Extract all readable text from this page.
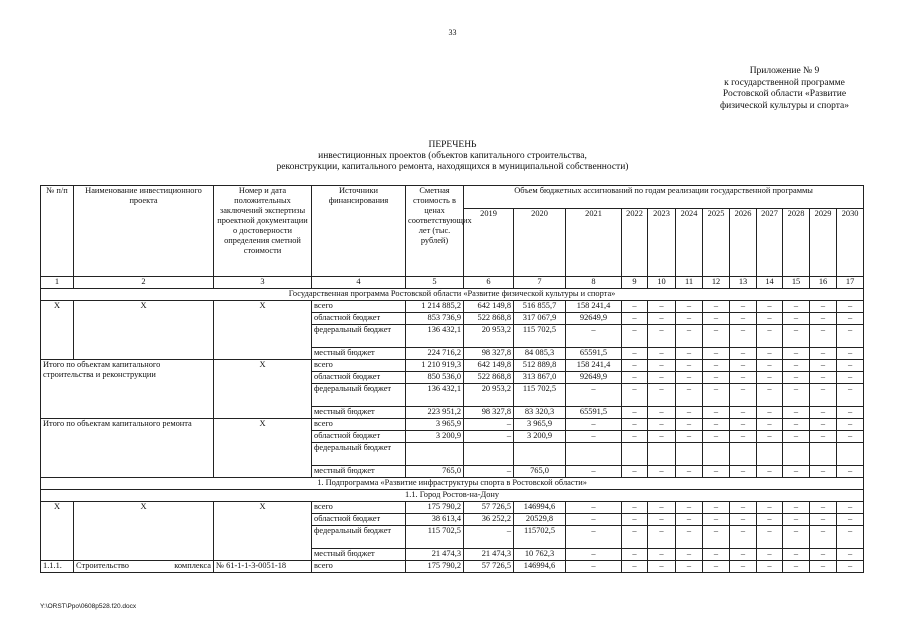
33
Приложение № 9
к государственной программе
Ростовской области «Развитие
физической культуры и спорта»
ПЕРЕЧЕНЬ
инвестиционных проектов (объектов капитального строительства,
реконструкции, капитального ремонта, находящихся в муниципальной собственности)
№ п/п	Наименование инвестиционного проекта	Номер и дата положительных заключений экспертизы проектной документации о достоверности определения сметной стоимости	Источники финансирования	Сметная стоимость в ценах соответствующих лет (тыс. рублей)	Объем бюджетных ассигнований по годам реализации государственной программы											
					2019	2020	2021	2022	2023	2024	2025	2026	2027	2028	2029	2030
1	2	3	4	5	6	7	8	9	10	11	12	13	14	15	16	17
Государственная программа Ростовской области «Развитие физической культуры и спорта»																
Х	Х	Х	всего	1 214 885,2	642 149,8	516 855,7	158 241,4	–	–	–	–	–	–	–	–	–
			областной бюджет	853 736,9	522 868,8	317 067,9	92649,9	–	–	–	–	–	–	–	–	–
			федеральный бюджет	136 432,1	20 953,2	115 702,5	–	–	–	–	–	–	–	–	–	–
			местный бюджет	224 716,2	98 327,8	84 085,3	65591,5	–	–	–	–	–	–	–	–	–
Итого по объектам капитального строительства и реконструкции		Х	всего	1 210 919,3	642 149,8	512 889,8	158 241,4	–	–	–	–	–	–	–	–	–
			областной бюджет	850 536,0	522 868,8	313 867,0	92649,9	–	–	–	–	–	–	–	–	–
			федеральный бюджет	136 432,1	20 953,2	115 702,5	–	–	–	–	–	–	–	–	–	–
			местный бюджет	223 951,2	98 327,8	83 320,3	65591,5	–	–	–	–	–	–	–	–	–
Итого по объектам капитального ремонта		Х	всего	3 965,9	–	3 965,9	–	–	–	–	–	–	–	–	–	–
			областной бюджет	3 200,9	–	3 200,9	–	–	–	–	–	–	–	–	–	–
			федеральный бюджет													
			местный бюджет	765,0	–	765,0	–	–	–	–	–	–	–	–	–	–
1. Подпрограмма «Развитие инфраструктуры спорта в Ростовской области»																
1.1. Город Ростов-на-Дону																
Х	Х	Х	всего	175 790,2	57 726,5	146994,6	–	–	–	–	–	–	–	–	–	–
			областной бюджет	38 613,4	36 252,2	20529,8	–	–	–	–	–	–	–	–	–	–
			федеральный бюджет	115 702,5	–	115702,5	–	–	–	–	–	–	–	–	–	–
			местный бюджет	21 474,3	21 474,3	10 762,3	–	–	–	–	–	–	–	–	–	–
1.1.1.	Строительство комплекса	№ 61-1-1-3-0051-18	всего	175 790,2	57 726,5	146994,6	–	–	–	–	–	–	–	–	–	–
Y:\ORST\Ppo\0608p528.f20.docx
